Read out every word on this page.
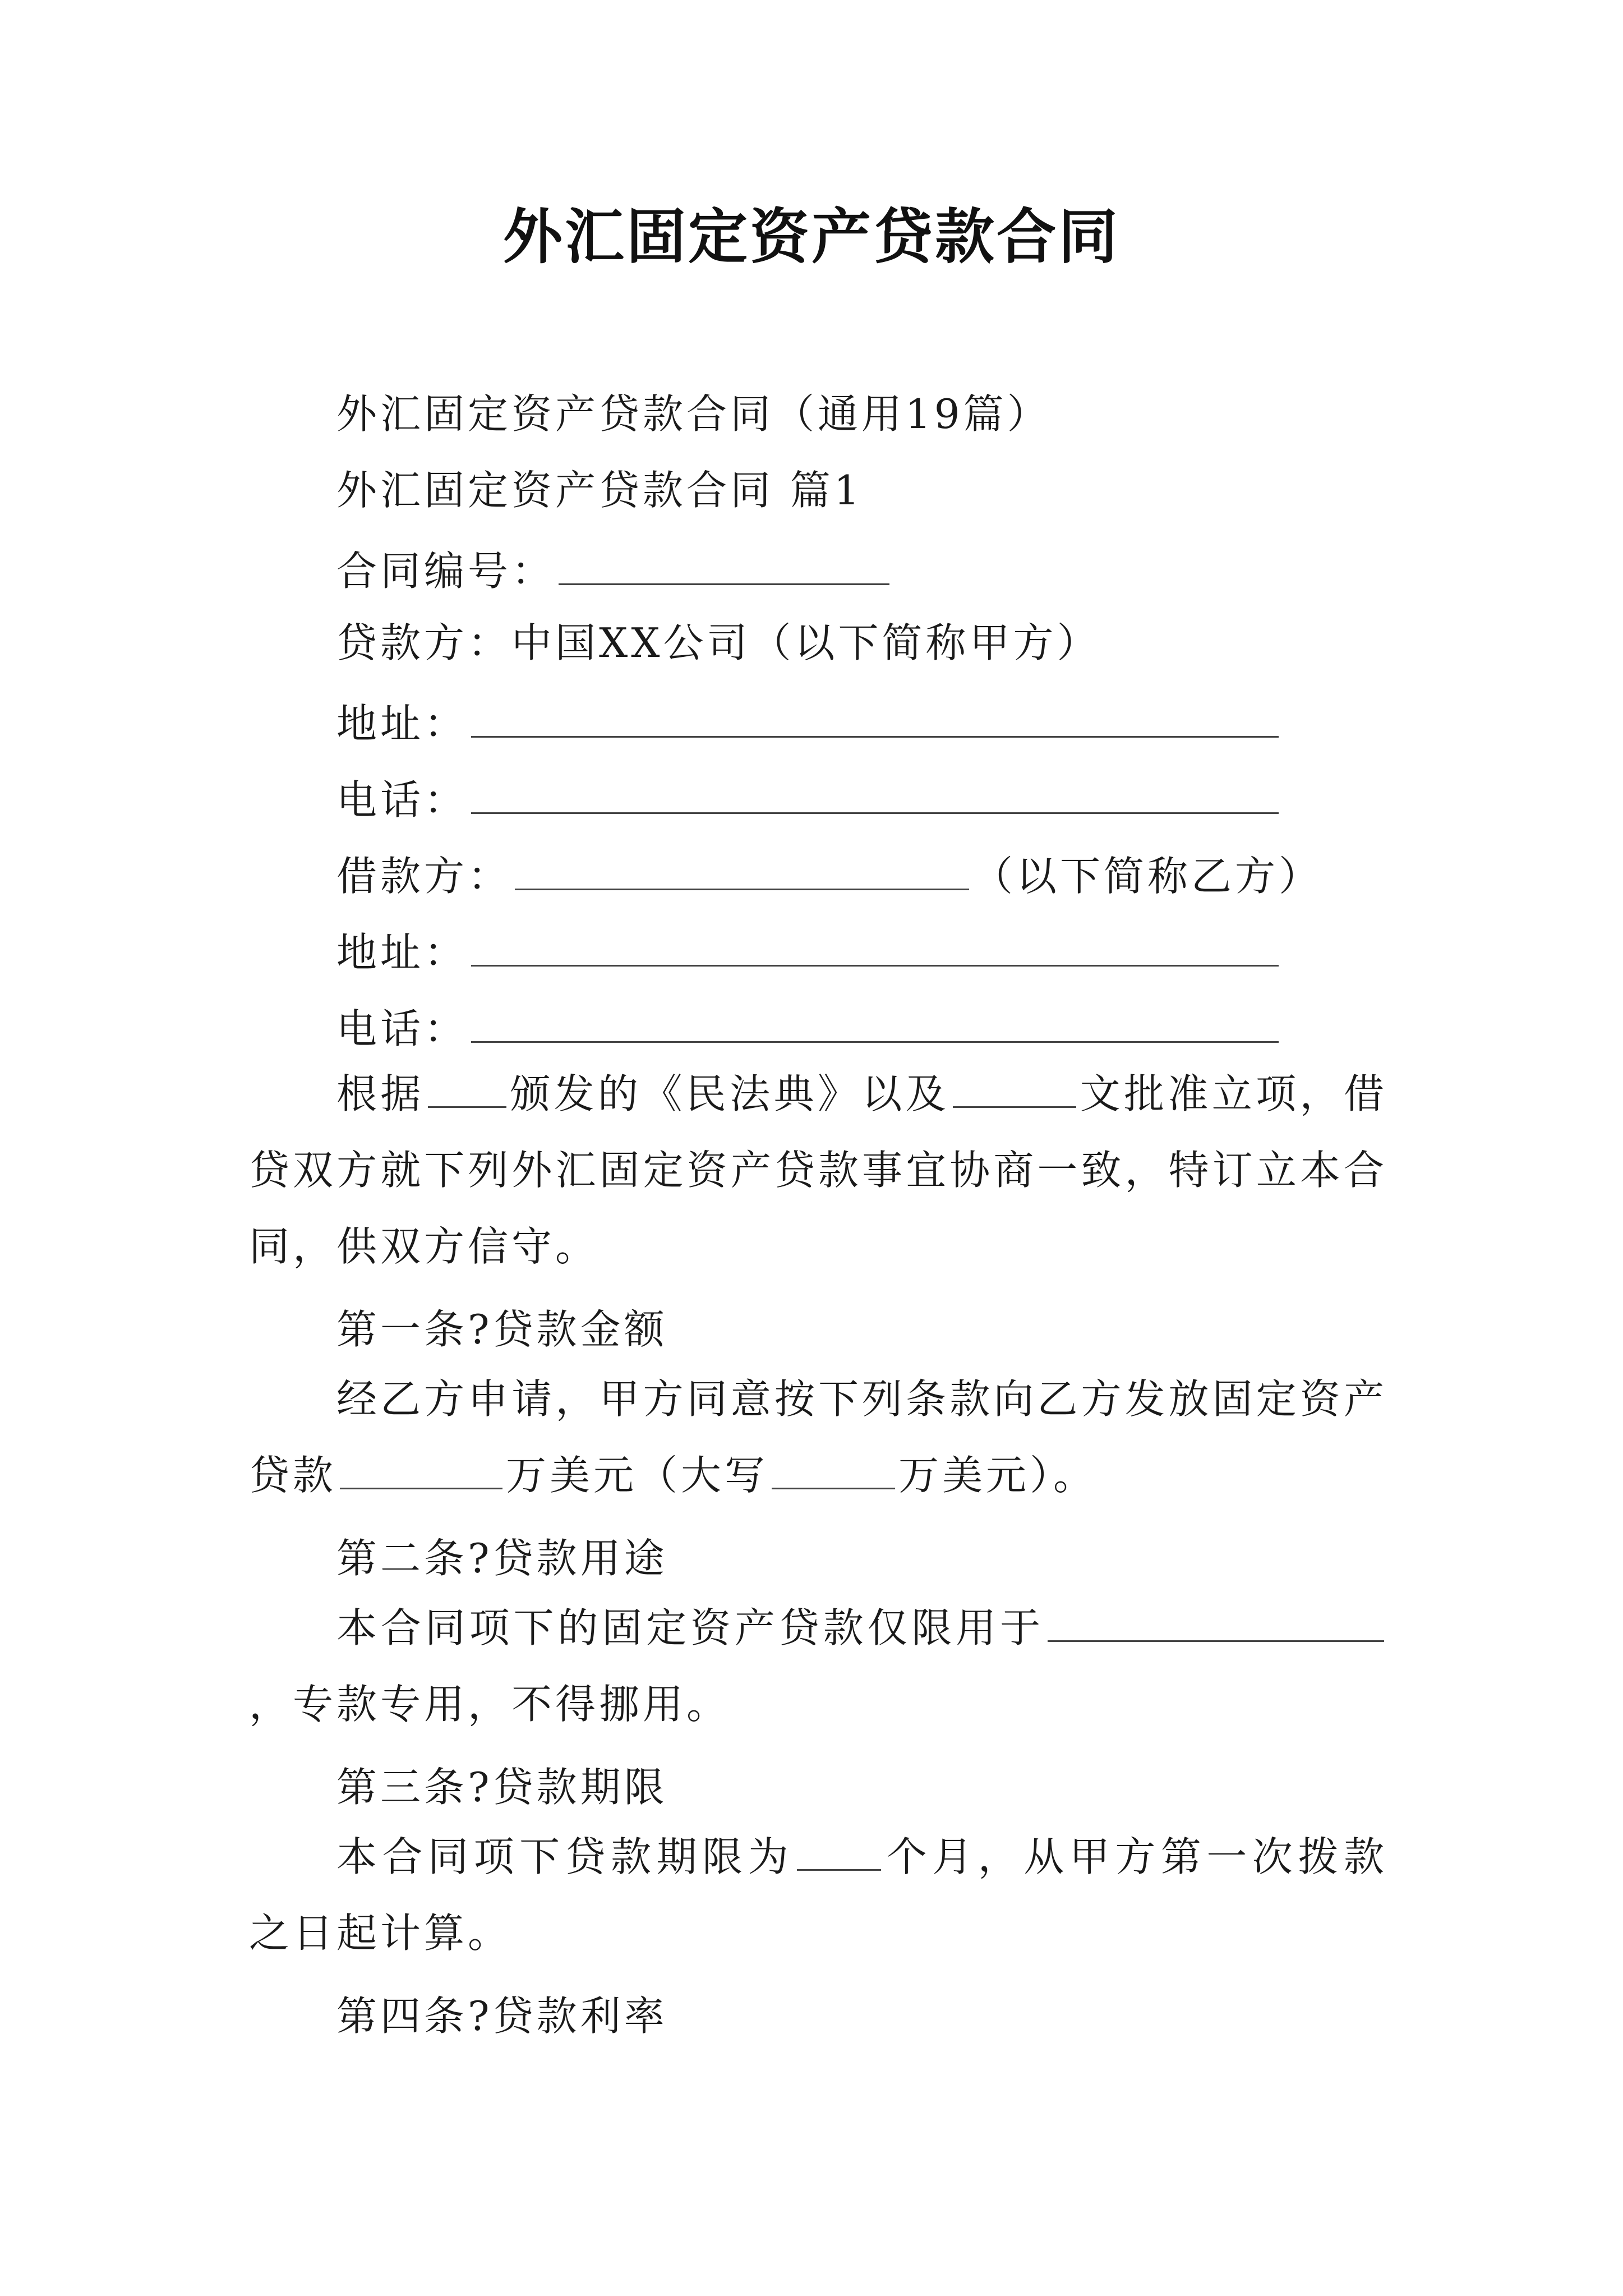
外汇固定资产贷款合同
外汇固定资产贷款合同（通用19篇）
外汇固定资产贷款合同 篇1
合同编号：
贷款方：中国XX公司（以下简称甲方）
地址：
电话：
借款方：	（以下简称乙方）
地址：
电话：
根据 颁发的《民法典》以及	文批准立项，借贷双方就下列外汇固定资产贷款事宜协商一致，特订立本合同，供双方信守。
第一条?贷款金额
经乙方申请，甲方同意按下列条款向乙方发放固定资产贷款	万美元（大写	万美元）。
第二条?贷款用途
本合同项下的固定资产贷款仅限用于，专款专用，不得挪用。
第三条?贷款期限
本合同项下贷款期限为 个月，从甲方第一次拨款之日起计算。
第四条?贷款利率
